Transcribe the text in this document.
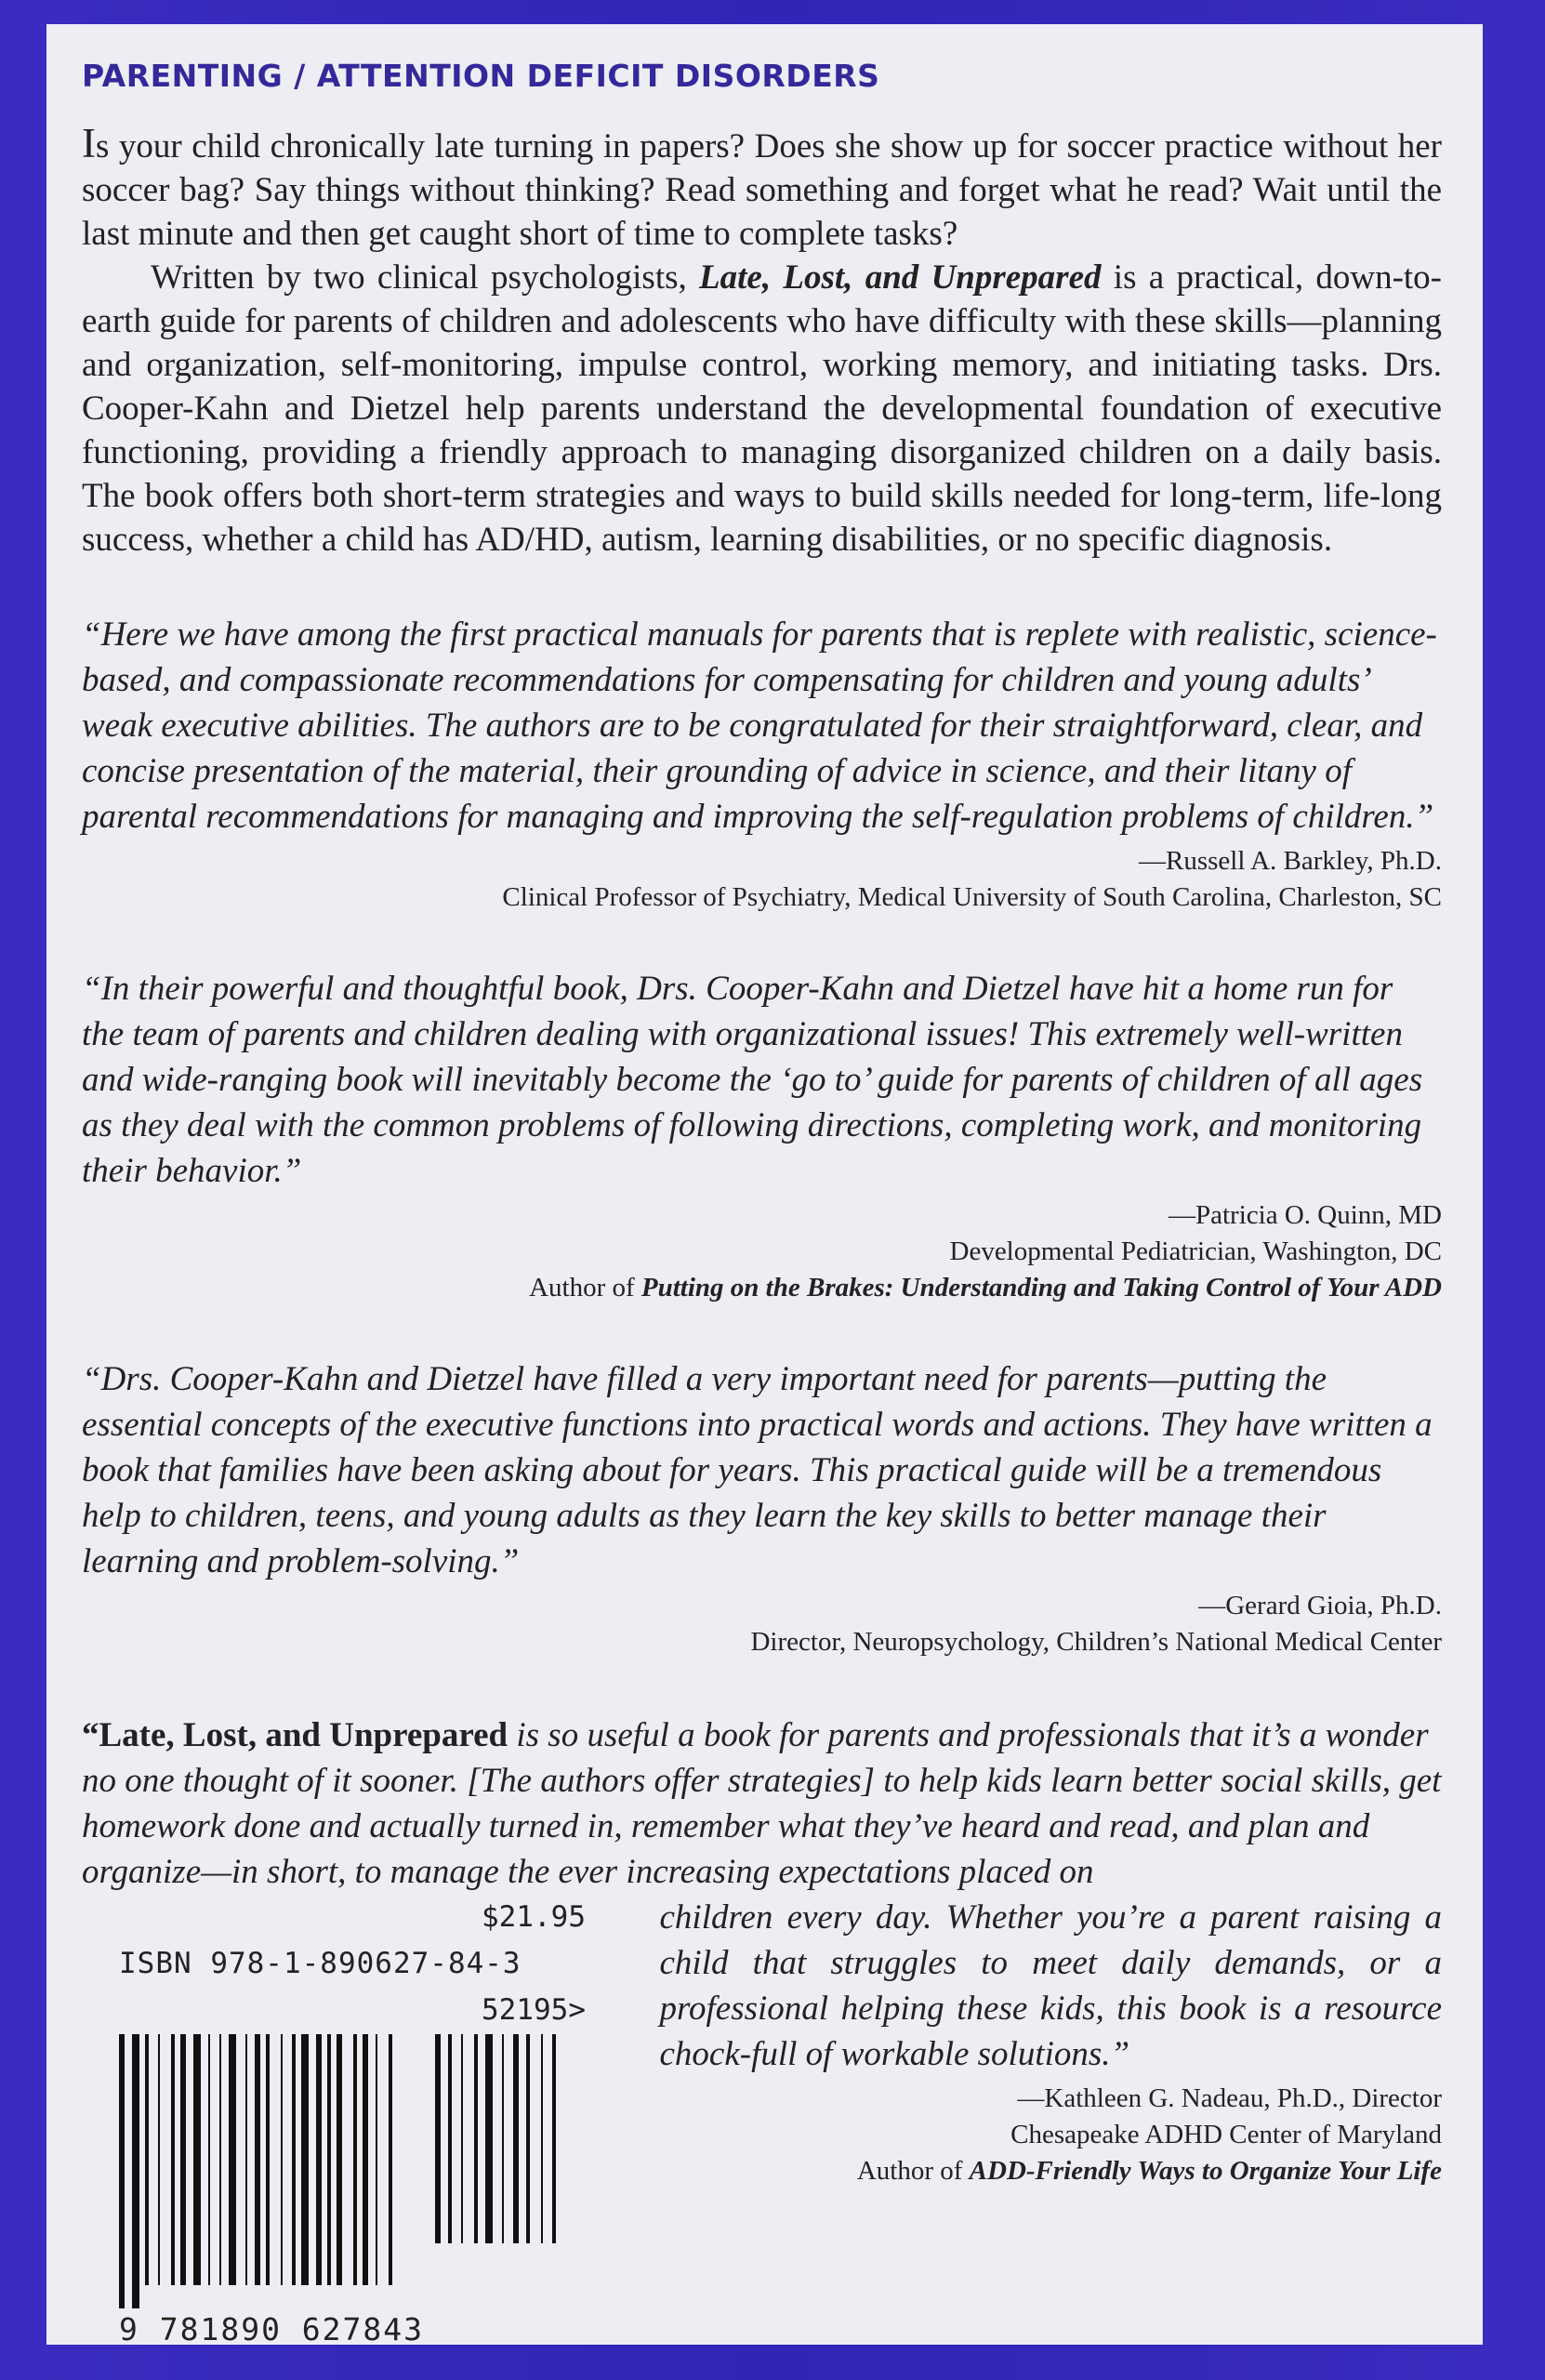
PARENTING / ATTENTION DEFICIT DISORDERS

Is your child chronically late turning in papers? Does she show up for soccer practice without her soccer bag? Say things without thinking? Read something and forget what he read? Wait until the last minute and then get caught short of time to complete tasks?

Written by two clinical psychologists, Late, Lost, and Unprepared is a practical, down-to-earth guide for parents of children and adolescents who have difficulty with these skills—planning and organization, self-monitoring, impulse control, working memory, and initiating tasks. Drs. Cooper-Kahn and Dietzel help parents understand the developmental foundation of executive functioning, providing a friendly approach to managing disorganized children on a daily basis. The book offers both short-term strategies and ways to build skills needed for long-term, life-long success, whether a child has AD/HD, autism, learning disabilities, or no specific diagnosis.

“Here we have among the first practical manuals for parents that is replete with realistic, science-based, and compassionate recommendations for compensating for children and young adults’ weak executive abilities. The authors are to be congratulated for their straightforward, clear, and concise presentation of the material, their grounding of advice in science, and their litany of parental recommendations for managing and improving the self-regulation problems of children.”

—Russell A. Barkley, Ph.D.
Clinical Professor of Psychiatry, Medical University of South Carolina, Charleston, SC

“In their powerful and thoughtful book, Drs. Cooper-Kahn and Dietzel have hit a home run for the team of parents and children dealing with organizational issues! This extremely well-written and wide-ranging book will inevitably become the ‘go to’ guide for parents of children of all ages as they deal with the common problems of following directions, completing work, and monitoring their behavior.”

—Patricia O. Quinn, MD
Developmental Pediatrician, Washington, DC
Author of Putting on the Brakes: Understanding and Taking Control of Your ADD

“Drs. Cooper-Kahn and Dietzel have filled a very important need for parents—putting the essential concepts of the executive functions into practical words and actions. They have written a book that families have been asking about for years. This practical guide will be a tremendous help to children, teens, and young adults as they learn the key skills to better manage their learning and problem-solving.”

—Gerard Gioia, Ph.D.
Director, Neuropsychology, Children’s National Medical Center

“Late, Lost, and Unprepared is so useful a book for parents and professionals that it’s a wonder no one thought of it sooner. [The authors offer strategies] to help kids learn better social skills, get homework done and actually turned in, remember what they’ve heard and read, and plan and organize—in short, to manage the ever increasing expectations placed on

$21.95
ISBN 978-1-890627-84-3
52195>
9 781890 627843

children every day. Whether you’re a parent raising a child that struggles to meet daily demands, or a professional helping these kids, this book is a resource chock-full of workable solutions.”

—Kathleen G. Nadeau, Ph.D., Director
Chesapeake ADHD Center of Maryland
Author of ADD-Friendly Ways to Organize Your Life
